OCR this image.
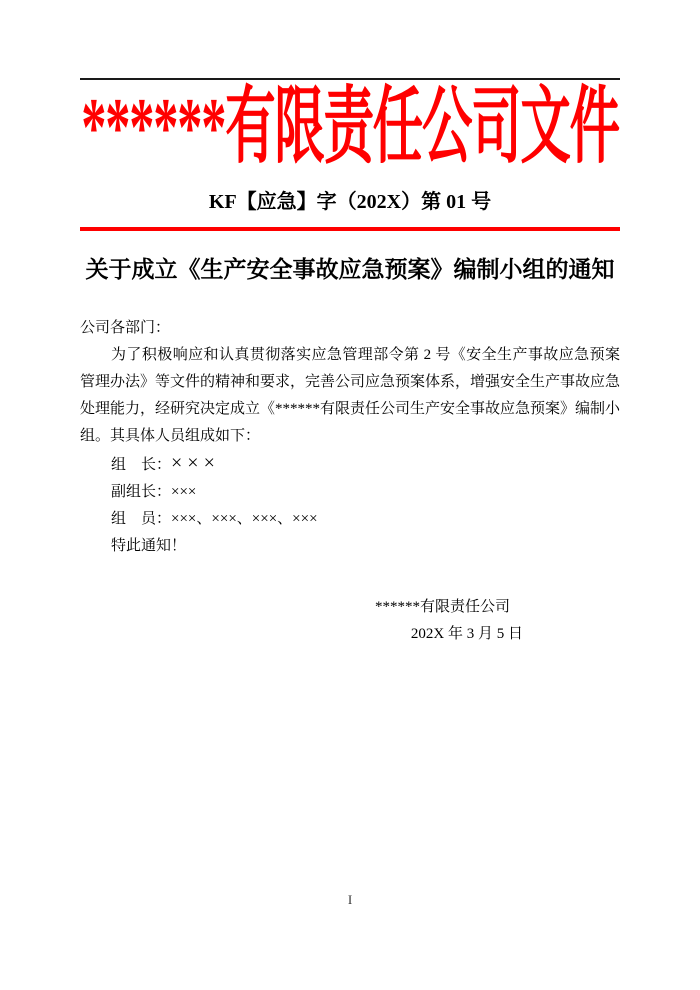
******有限责任公司文件
KF【应急】字（202X）第 01 号
关于成立《生产安全事故应急预案》编制小组的通知

公司各部门：

为了积极响应和认真贯彻落实应急管理部令第 2 号《安全生产事故应急预案管理办法》等文件的精神和要求，完善公司应急预案体系，增强安全生产事故应急处理能力，经研究决定成立《******有限责任公司生产安全事故应急预案》编制小组。其具体人员组成如下：

组　长：×××
副组长：×××
组　员：×××、×××、×××、×××

特此通知！

******有限责任公司
202X 年 3 月 5 日
I
